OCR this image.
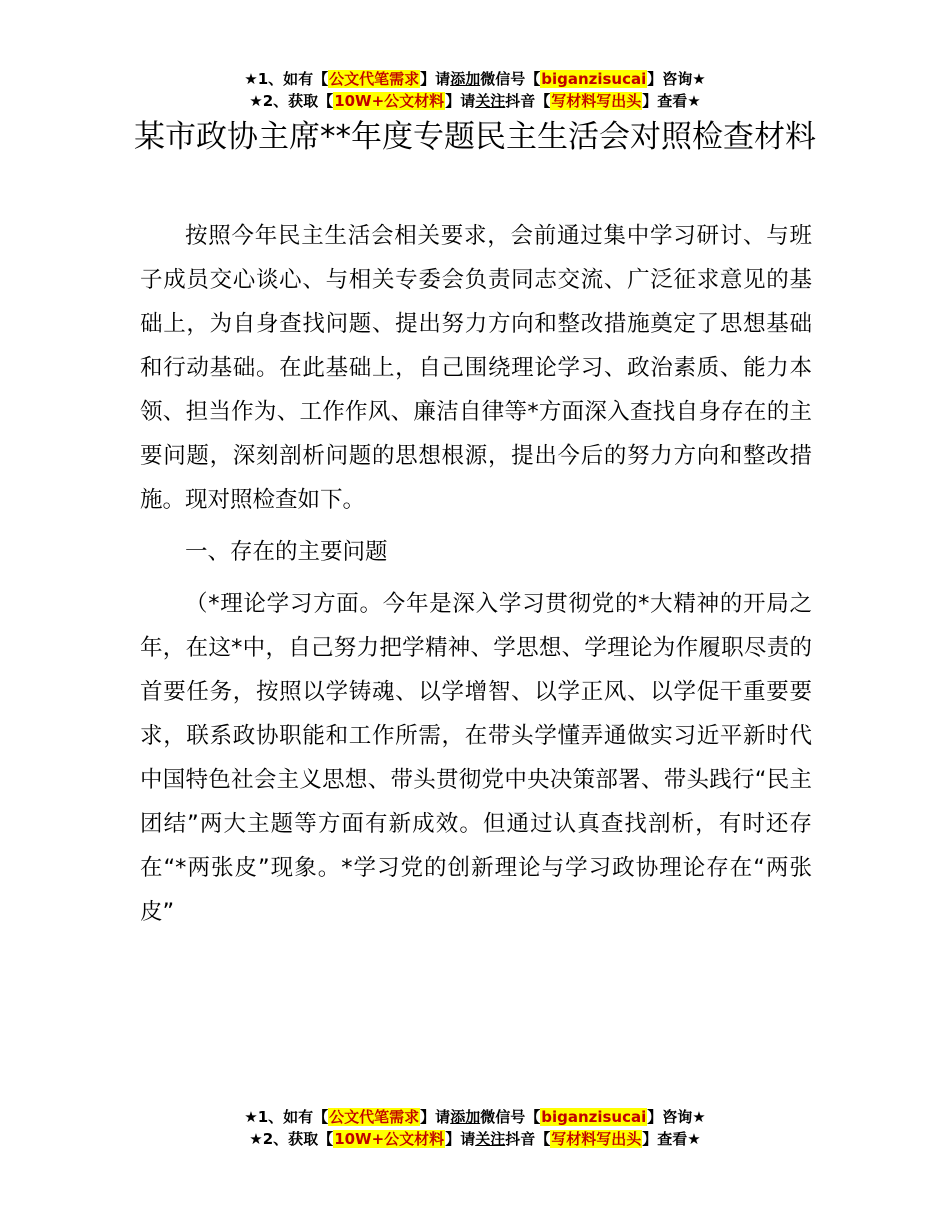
★1、如有【公文代笔需求】请添加微信号【biganzisucai】咨询★
★2、获取【10W+公文材料】请关注抖音【写材料写出头】查看★
某市政协主席**年度专题民主生活会对照检查材料

按照今年民主生活会相关要求，会前通过集中学习研讨、与班子成员交心谈心、与相关专委会负责同志交流、广泛征求意见的基础上，为自身查找问题、提出努力方向和整改措施奠定了思想基础和行动基础。在此基础上，自己围绕理论学习、政治素质、能力本领、担当作为、工作作风、廉洁自律等*方面深入查找自身存在的主要问题，深刻剖析问题的思想根源，提出今后的努力方向和整改措施。现对照检查如下。

一、存在的主要问题

（*理论学习方面。今年是深入学习贯彻党的*大精神的开局之年，在这*中，自己努力把学精神、学思想、学理论为作履职尽责的首要任务，按照以学铸魂、以学增智、以学正风、以学促干重要要求，联系政协职能和工作所需，在带头学懂弄通做实习近平新时代中国特色社会主义思想、带头贯彻党中央决策部署、带头践行“民主团结”两大主题等方面有新成效。但通过认真查找剖析，有时还存在“*两张皮”现象。*学习党的创新理论与学习政协理论存在“两张皮”

★1、如有【公文代笔需求】请添加微信号【biganzisucai】咨询★
★2、获取【10W+公文材料】请关注抖音【写材料写出头】查看★
